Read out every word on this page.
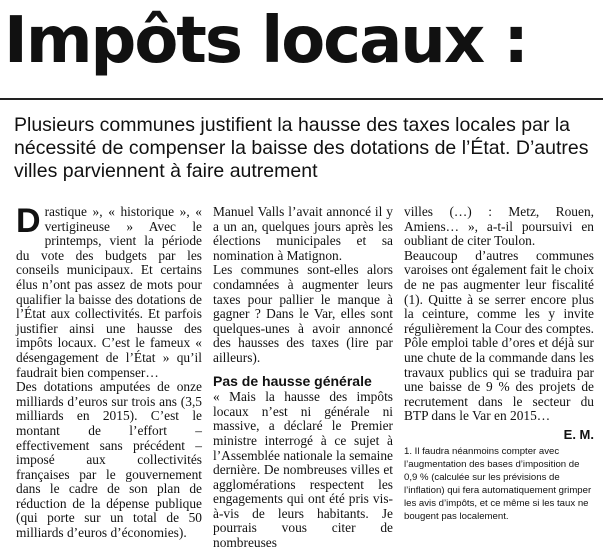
Impôts locaux :
Plusieurs communes justifient la hausse des taxes locales par la nécessité de compenser la baisse des dotations de l’État. D’autres villes parviennent à faire autrement
D rastique », « historique », « vertigineuse » Avec le printemps, vient la période du vote des budgets par les conseils municipaux. Et certains élus n’ont pas assez de mots pour qualifier la baisse des dotations de l’État aux collectivités. Et parfois justifier ainsi une hausse des impôts locaux. C’est le fameux « désengagement de l’État » qu’il faudrait bien compenser…

Des dotations amputées de onze milliards d’euros sur trois ans (3,5 milliards en 2015). C’est le montant de l’effort – effectivement sans précédent – imposé aux collectivités françaises par le gouvernement dans le cadre de son plan de réduction de la dépense publique (qui porte sur un total de 50 milliards d’euros d’économies).

Manuel Valls l’avait annoncé il y a un an, quelques jours après les élections municipales et sa nomination à Matignon.

Les communes sont-elles alors condamnées à augmenter leurs taxes pour pallier le manque à gagner ? Dans le Var, elles sont quelques-unes à avoir annoncé des hausses des taxes (lire par ailleurs).

Pas de hausse générale

« Mais la hausse des impôts locaux n’est ni générale ni massive, a déclaré le Premier ministre interrogé à ce sujet à l’Assemblée nationale la semaine dernière. De nombreuses villes et agglomérations respectent les engagements qui ont été pris vis-à-vis de leurs habitants. Je pourrais vous citer de nombreuses

villes (…) : Metz, Rouen, Amiens… », a-t-il poursuivi en oubliant de citer Toulon.

Beaucoup d’autres communes varoises ont également fait le choix de ne pas augmenter leur fiscalité (1). Quitte à se serrer encore plus la ceinture, comme les y invite régulièrement la Cour des comptes. Pôle emploi table d’ores et déjà sur une chute de la commande dans les travaux publics qui se traduira par une baisse de 9 % des projets de recrutement dans le secteur du BTP dans le Var en 2015…

E. M.
1. Il faudra néanmoins compter avec l’augmentation des bases d’imposition de 0,9 % (calculée sur les prévisions de l’inflation) qui fera automatiquement grimper les avis d’impôts, et ce même si les taux ne bougent pas localement.
